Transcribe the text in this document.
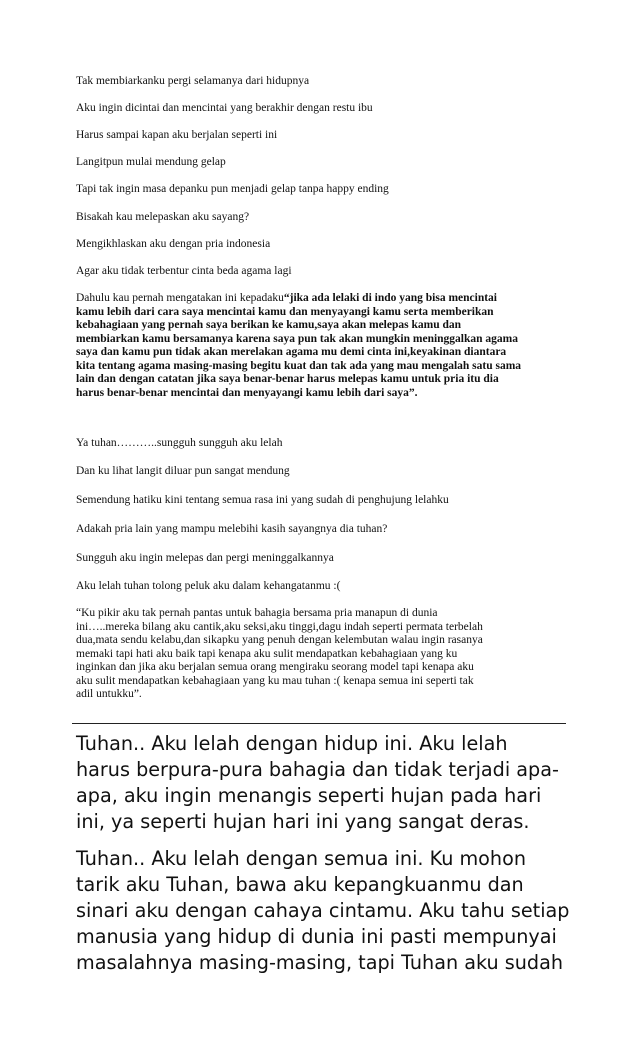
Tak membiarkanku pergi selamanya dari hidupnya
Aku ingin dicintai dan mencintai yang berakhir dengan restu ibu
Harus sampai kapan aku berjalan seperti ini
Langitpun mulai mendung gelap
Tapi tak ingin masa depanku pun menjadi gelap tanpa happy ending
Bisakah kau melepaskan aku sayang?
Mengikhlaskan aku dengan pria indonesia
Agar aku tidak terbentur cinta beda agama lagi
Dahulu kau pernah mengatakan ini kepadaku“jika ada lelaki di indo yang bisa mencintai
kamu lebih dari cara saya mencintai kamu dan menyayangi kamu serta memberikan
kebahagiaan yang pernah saya berikan ke kamu,saya akan melepas kamu dan
membiarkan kamu bersamanya karena saya pun tak akan mungkin meninggalkan agama
saya dan kamu pun tidak akan merelakan agama mu demi cinta ini,keyakinan diantara
kita tentang agama masing-masing begitu kuat dan tak ada yang mau mengalah satu sama
lain dan dengan catatan jika saya benar-benar harus melepas kamu untuk pria itu dia
harus benar-benar mencintai dan menyayangi kamu lebih dari saya”.
Ya tuhan………..sungguh sungguh aku lelah
Dan ku lihat langit diluar pun sangat mendung
Semendung hatiku kini tentang semua rasa ini yang sudah di penghujung lelahku
Adakah pria lain yang mampu melebihi kasih sayangnya dia tuhan?
Sungguh aku ingin melepas dan pergi meninggalkannya
Aku lelah tuhan tolong peluk aku dalam kehangatanmu :(
“Ku pikir aku tak pernah pantas untuk bahagia bersama pria manapun di dunia
ini…..mereka bilang aku cantik,aku seksi,aku tinggi,dagu indah seperti permata terbelah
dua,mata sendu kelabu,dan sikapku yang penuh dengan kelembutan walau ingin rasanya
memaki tapi hati aku baik tapi kenapa aku sulit mendapatkan kebahagiaan yang ku
inginkan dan jika aku berjalan semua orang mengiraku seorang model tapi kenapa aku
aku sulit mendapatkan kebahagiaan yang ku mau tuhan :( kenapa semua ini seperti tak
adil untukku”.
Tuhan.. Aku lelah dengan hidup ini. Aku lelah
harus berpura-pura bahagia dan tidak terjadi apa-
apa, aku ingin menangis seperti hujan pada hari
ini, ya seperti hujan hari ini yang sangat deras.
Tuhan.. Aku lelah dengan semua ini. Ku mohon
tarik aku Tuhan, bawa aku kepangkuanmu dan
sinari aku dengan cahaya cintamu. Aku tahu setiap
manusia yang hidup di dunia ini pasti mempunyai
masalahnya masing-masing, tapi Tuhan aku sudah
